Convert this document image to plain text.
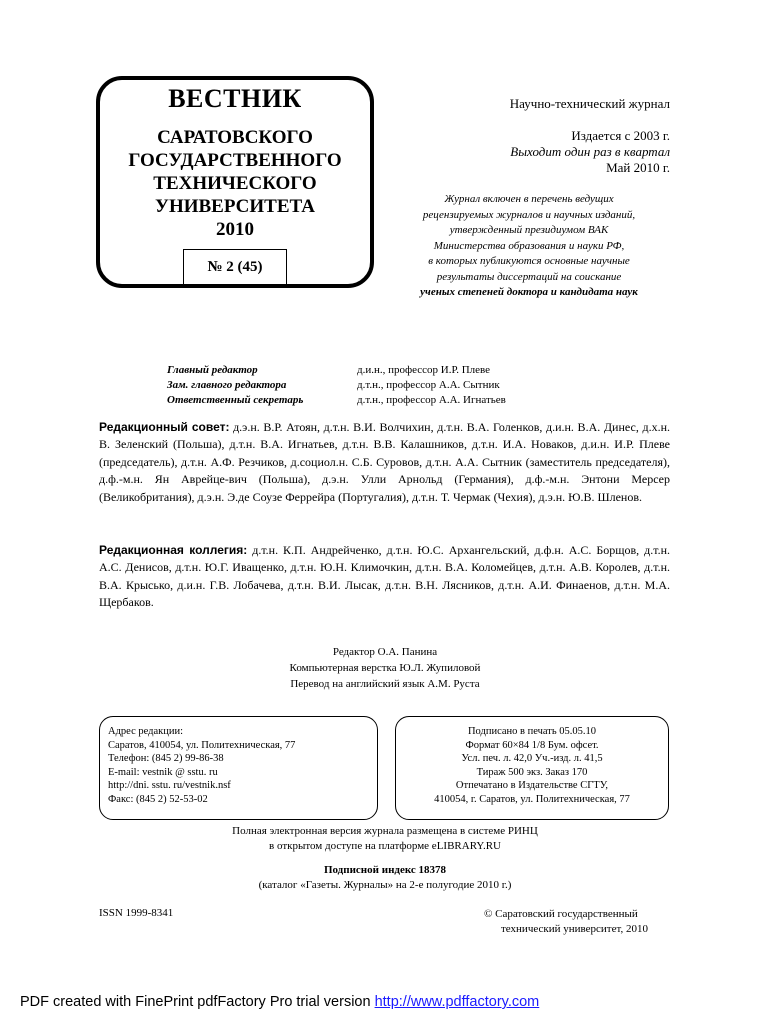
ВЕСТНИК
САРАТОВСКОГО
ГОСУДАРСТВЕННОГО
ТЕХНИЧЕСКОГО
УНИВЕРСИТЕТА
2010
№ 2 (45)
Научно-технический журнал
Издается с 2003 г.
Выходит один раз в квартал
Май 2010 г.
Журнал включен в перечень ведущих
рецензируемых журналов и научных изданий,
утвержденный президиумом ВАК
Министерства образования и науки РФ,
в которых публикуются основные научные
результаты диссертаций на соискание
ученых степеней доктора и кандидата наук
Главный редактор	д.и.н., профессор И.Р. Плеве
Зам. главного редактора	д.т.н., профессор А.А. Сытник
Ответственный секретарь	д.т.н., профессор А.А. Игнатьев
Редакционный совет: д.э.н. В.Р. Атоян, д.т.н. В.И. Волчихин, д.т.н. В.А. Голенков, д.и.н. В.А. Динес, д.х.н. В. Зеленский (Польша), д.т.н. В.А. Игнатьев, д.т.н. В.В. Калашников, д.т.н. И.А. Новаков, д.и.н. И.Р. Плеве (председатель), д.т.н. А.Ф. Резчиков, д.социол.н. С.Б. Суровов, д.т.н. А.А. Сытник (заместитель председателя), д.ф.-м.н. Ян Аврейце-вич (Польша), д.э.н. Улли Арнольд (Германия), д.ф.-м.н. Энтони Мерсер (Великобритания), д.э.н. Э.де Соузе Феррейра (Португалия), д.т.н. Т. Чермак (Чехия), д.э.н. Ю.В. Шленов.
Редакционная коллегия: д.т.н. К.П. Андрейченко, д.т.н. Ю.С. Архангельский, д.ф.н. А.С. Борщов, д.т.н. А.С. Денисов, д.т.н. Ю.Г. Иващенко, д.т.н. Ю.Н. Климочкин, д.т.н. В.А. Коломейцев, д.т.н. А.В. Королев, д.т.н. В.А. Крысько, д.и.н. Г.В. Лобачева, д.т.н. В.И. Лысак, д.т.н. В.Н. Лясников, д.т.н. А.И. Финаенов, д.т.н. М.А. Щербаков.
Редактор О.А. Панина
Компьютерная верстка Ю.Л. Жупиловой
Перевод на английский язык А.М. Руста
Адрес редакции:
Саратов, 410054, ул. Политехническая, 77
Телефон: (845 2) 99-86-38
E-mail: vestnik @ sstu. ru
http://dni. sstu. ru/vestnik.nsf
Факс: (845 2) 52-53-02
Подписано в печать 05.05.10
Формат 60×84 1/8 Бум. офсет.
Усл. печ. л. 42,0 Уч.-изд. л. 41,5
Тираж 500 экз. Заказ 170
Отпечатано в Издательстве СГТУ,
410054, г. Саратов, ул. Политехническая, 77
Полная электронная версия журнала размещена в системе РИНЦ
в открытом доступе на платформе eLIBRARY.RU
Подписной индекс 18378
(каталог «Газеты. Журналы» на 2-е полугодие 2010 г.)
ISSN 1999-8341	© Саратовский государственный
технический университет, 2010
PDF created with FinePrint pdfFactory Pro trial version http://www.pdffactory.com
